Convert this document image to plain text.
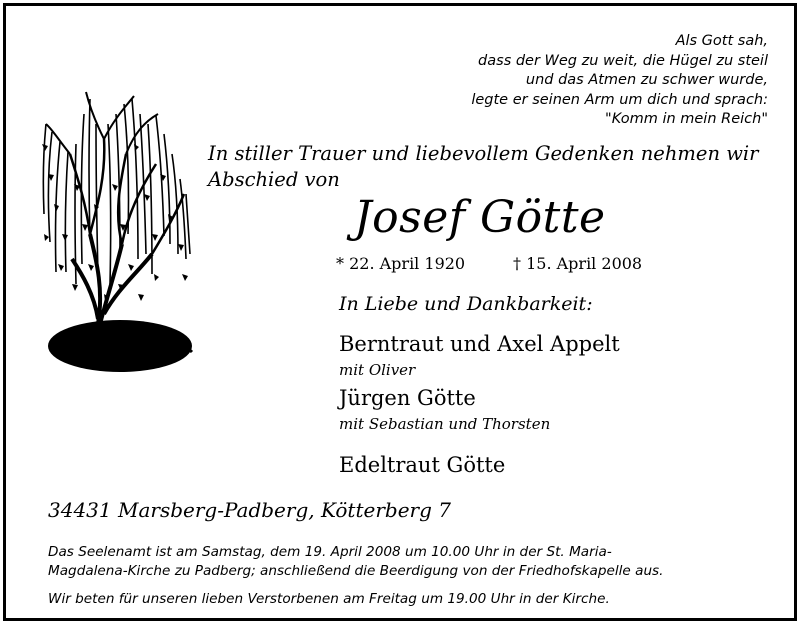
Als Gott sah,
dass der Weg zu weit, die Hügel zu steil
und das Atmen zu schwer wurde,
legte er seinen Arm um dich und sprach:
"Komm in mein Reich"
In stiller Trauer und liebevollem Gedenken nehmen wir
Abschied von
Josef Götte
* 22. April 1920	† 15. April 2008
In Liebe und Dankbarkeit:
Berntraut und Axel Appelt
mit Oliver
Jürgen Götte
mit Sebastian und Thorsten
Edeltraut Götte
34431 Marsberg-Padberg, Kötterberg 7
Das Seelenamt ist am Samstag, dem 19. April 2008 um 10.00 Uhr in der St. Maria-
Magdalena-Kirche zu Padberg; anschließend die Beerdigung von der Friedhofskapelle aus.
Wir beten für unseren lieben Verstorbenen am Freitag um 19.00 Uhr in der Kirche.
